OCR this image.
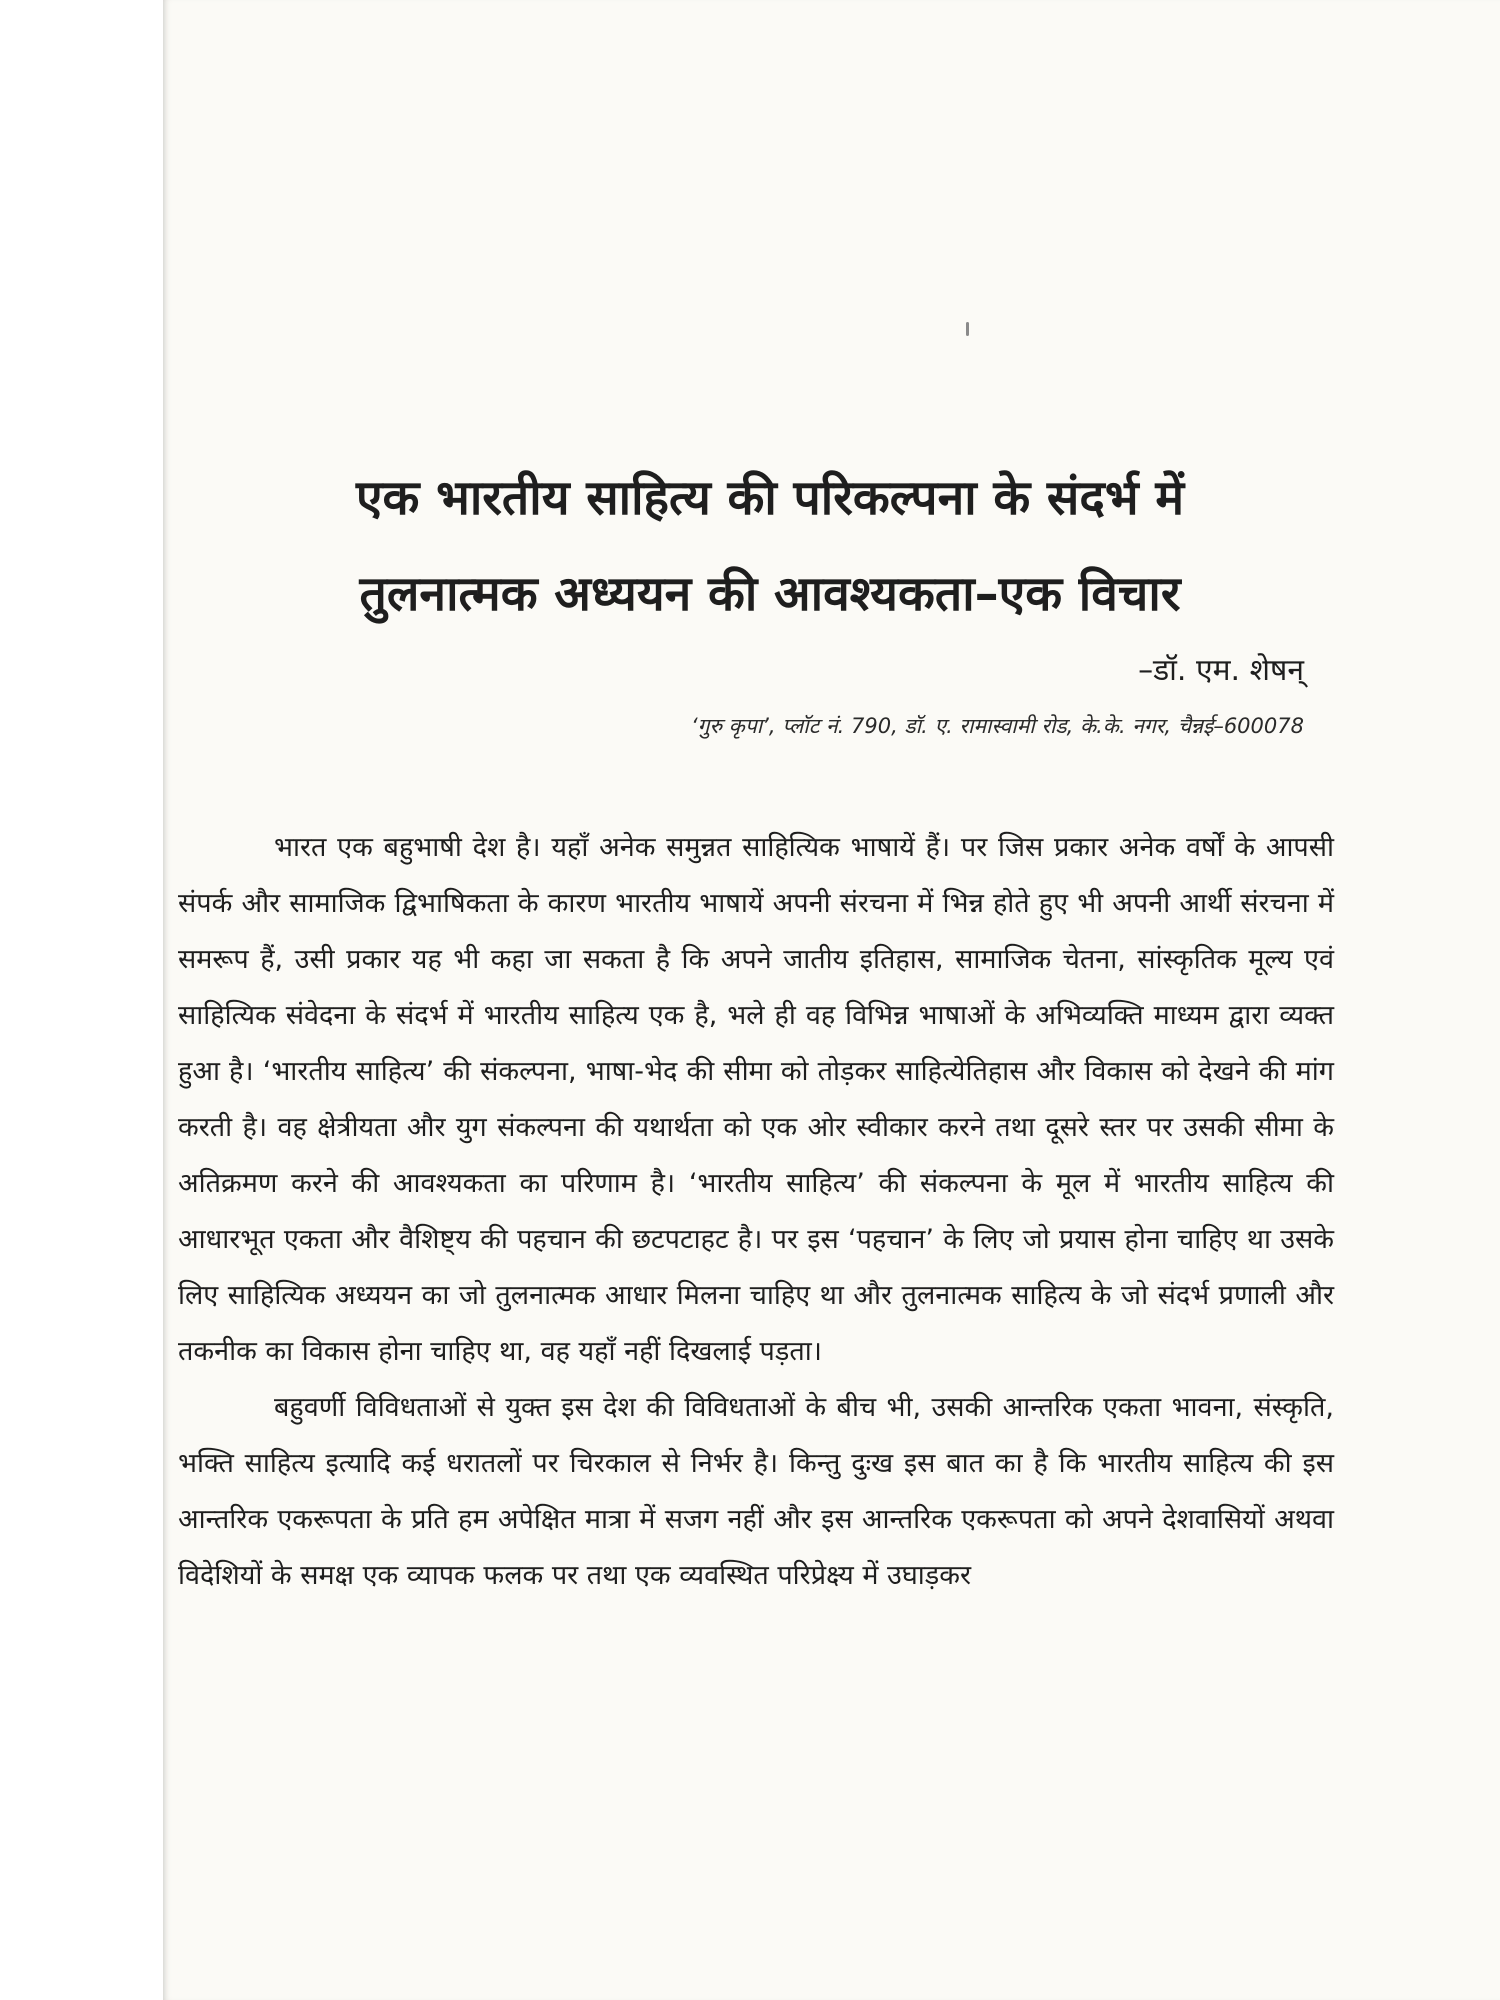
एक भारतीय साहित्य की परिकल्पना के संदर्भ में
तुलनात्मक अध्ययन की आवश्यकता–एक विचार
–डॉ. एम. शेषन्
‘गुरु कृपा’, प्लॉट नं. 790, डॉ. ए. रामास्वामी रोड, के.के. नगर, चैन्नई–600078

भारत एक बहुभाषी देश है। यहाँ अनेक समुन्नत साहित्यिक भाषायें हैं। पर जिस प्रकार अनेक वर्षों के आपसी संपर्क और सामाजिक द्विभाषिकता के कारण भारतीय भाषायें अपनी संरचना में भिन्न होते हुए भी अपनी आर्थी संरचना में समरूप हैं, उसी प्रकार यह भी कहा जा सकता है कि अपने जातीय इतिहास, सामाजिक चेतना, सांस्कृतिक मूल्य एवं साहित्यिक संवेदना के संदर्भ में भारतीय साहित्य एक है, भले ही वह विभिन्न भाषाओं के अभिव्यक्ति माध्यम द्वारा व्यक्त हुआ है। ‘भारतीय साहित्य’ की संकल्पना, भाषा-भेद की सीमा को तोड़कर साहित्येतिहास और विकास को देखने की मांग करती है। वह क्षेत्रीयता और युग संकल्पना की यथार्थता को एक ओर स्वीकार करने तथा दूसरे स्तर पर उसकी सीमा के अतिक्रमण करने की आवश्यकता का परिणाम है। ‘भारतीय साहित्य’ की संकल्पना के मूल में भारतीय साहित्य की आधारभूत एकता और वैशिष्ट्य की पहचान की छटपटाहट है। पर इस ‘पहचान’ के लिए जो प्रयास होना चाहिए था उसके लिए साहित्यिक अध्ययन का जो तुलनात्मक आधार मिलना चाहिए था और तुलनात्मक साहित्य के जो संदर्भ प्रणाली और तकनीक का विकास होना चाहिए था, वह यहाँ नहीं दिखलाई पड़ता।

बहुवर्णी विविधताओं से युक्त इस देश की विविधताओं के बीच भी, उसकी आन्तरिक एकता भावना, संस्कृति, भक्ति साहित्य इत्यादि कई धरातलों पर चिरकाल से निर्भर है। किन्तु दुःख इस बात का है कि भारतीय साहित्य की इस आन्तरिक एकरूपता के प्रति हम अपेक्षित मात्रा में सजग नहीं और इस आन्तरिक एकरूपता को अपने देशवासियों अथवा विदेशियों के समक्ष एक व्यापक फलक पर तथा एक व्यवस्थित परिप्रेक्ष्य में उघाड़कर
